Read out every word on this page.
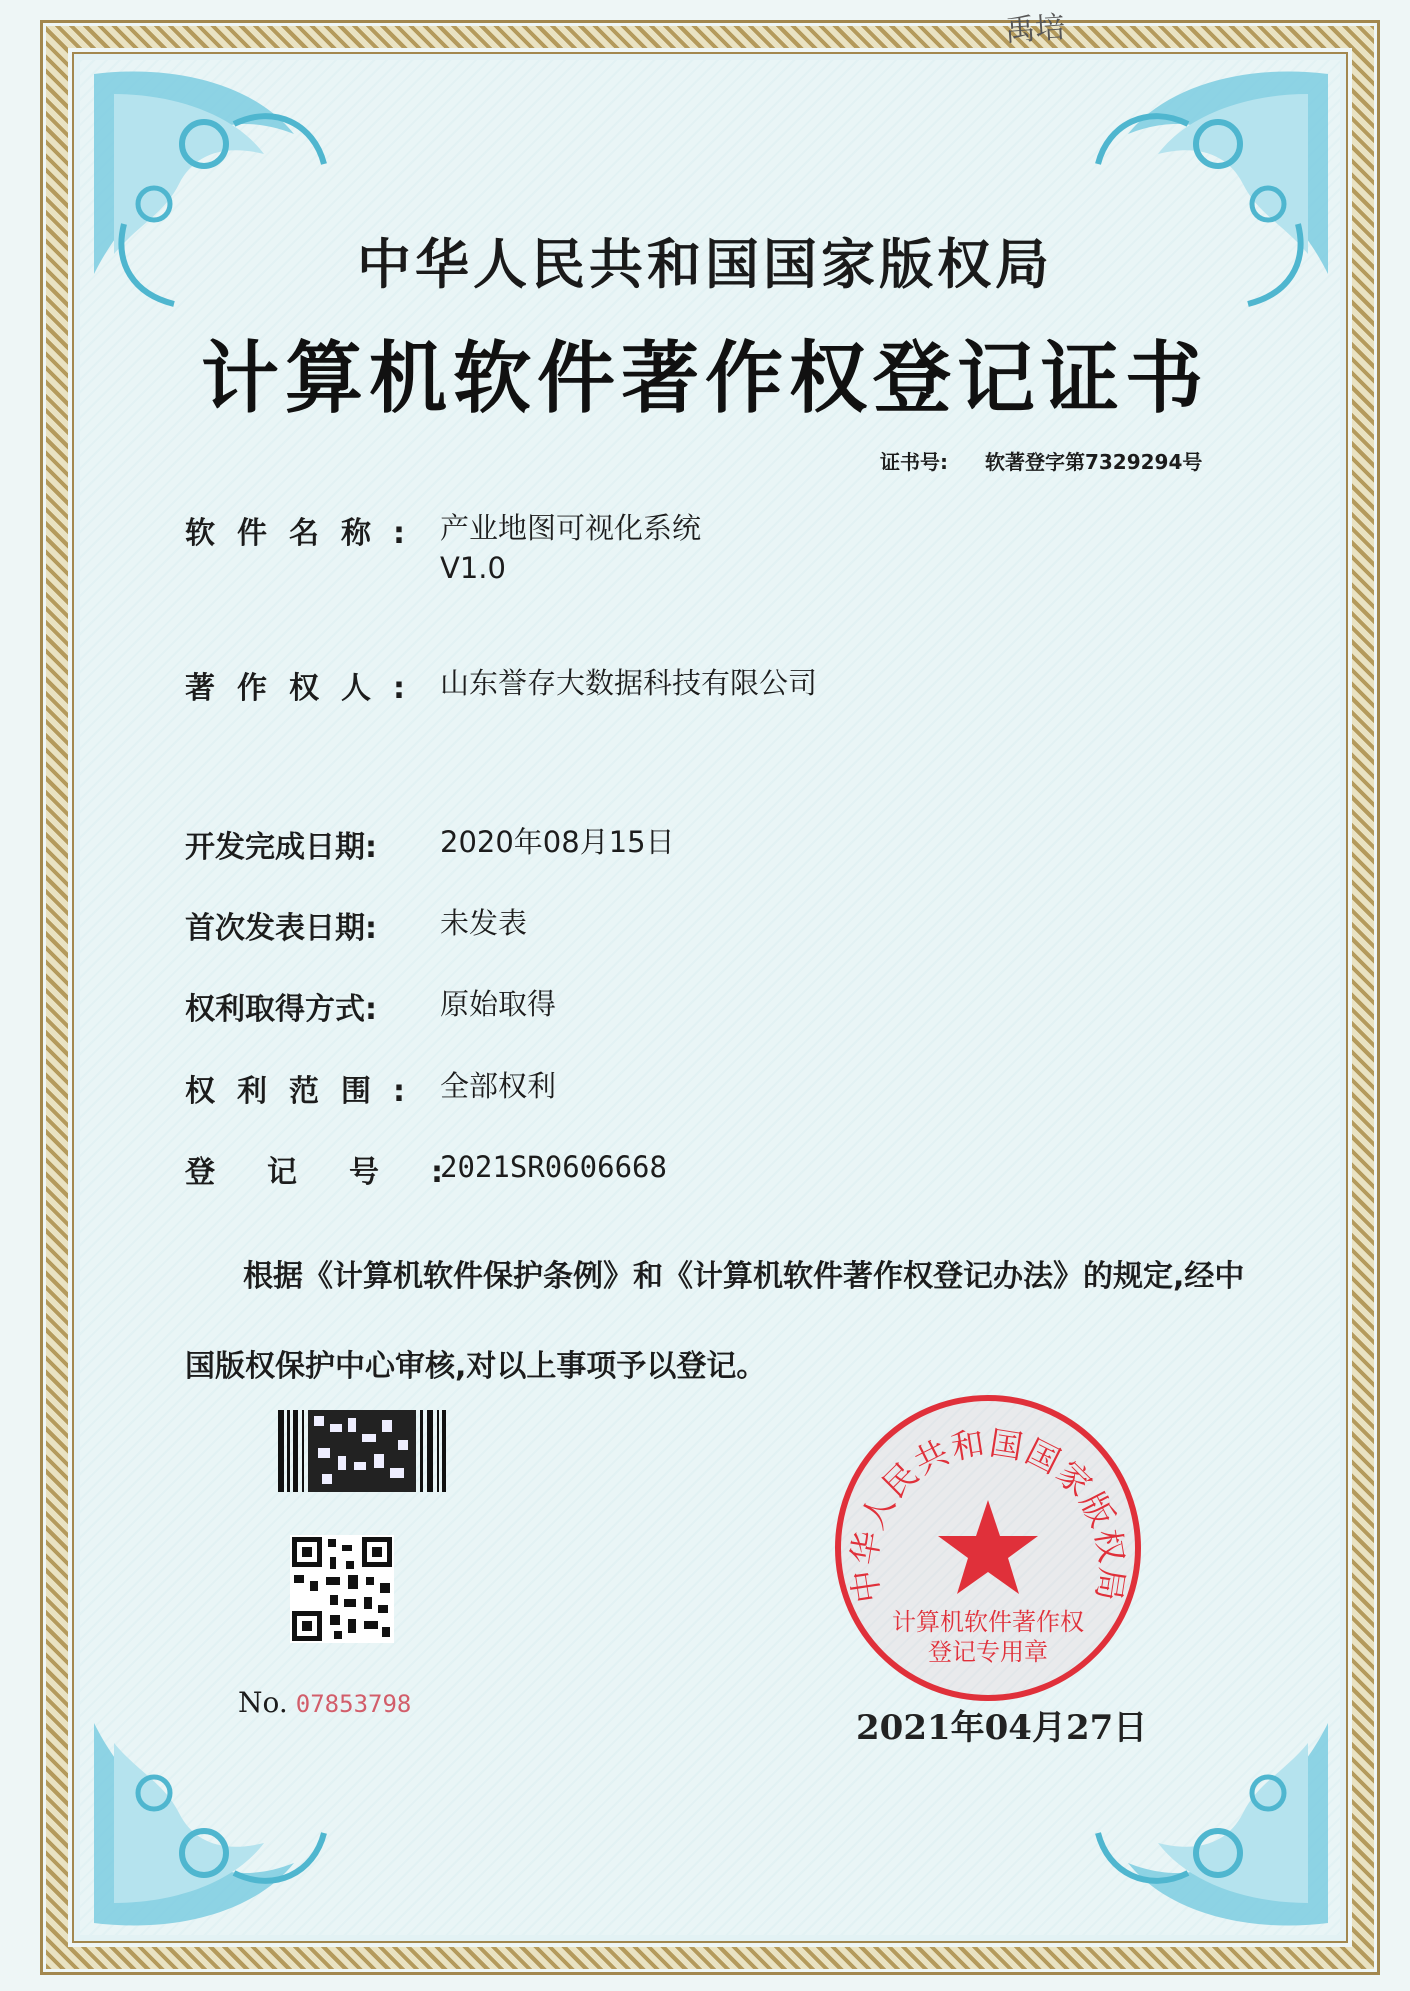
禹培
中华人民共和国国家版权局
计算机软件著作权登记证书
证书号: 软著登字第7329294号
软件名称: 产业地图可视化系统
V1.0
著作权人: 山东誉存大数据科技有限公司
开发完成日期:	2020年08月15日
首次发表日期:	未发表
权利取得方式:	原始取得
权利范围: 全部权利
登记号:
2021SR0606668
根据《计算机软件保护条例》和《计算机软件著作权登记办法》的规定,经中国版权保护中心审核,对以上事项予以登记。
No. 07853798
中华人民共和国国家版权局
计算机软件著作权
登记专用章
2021年04月27日
